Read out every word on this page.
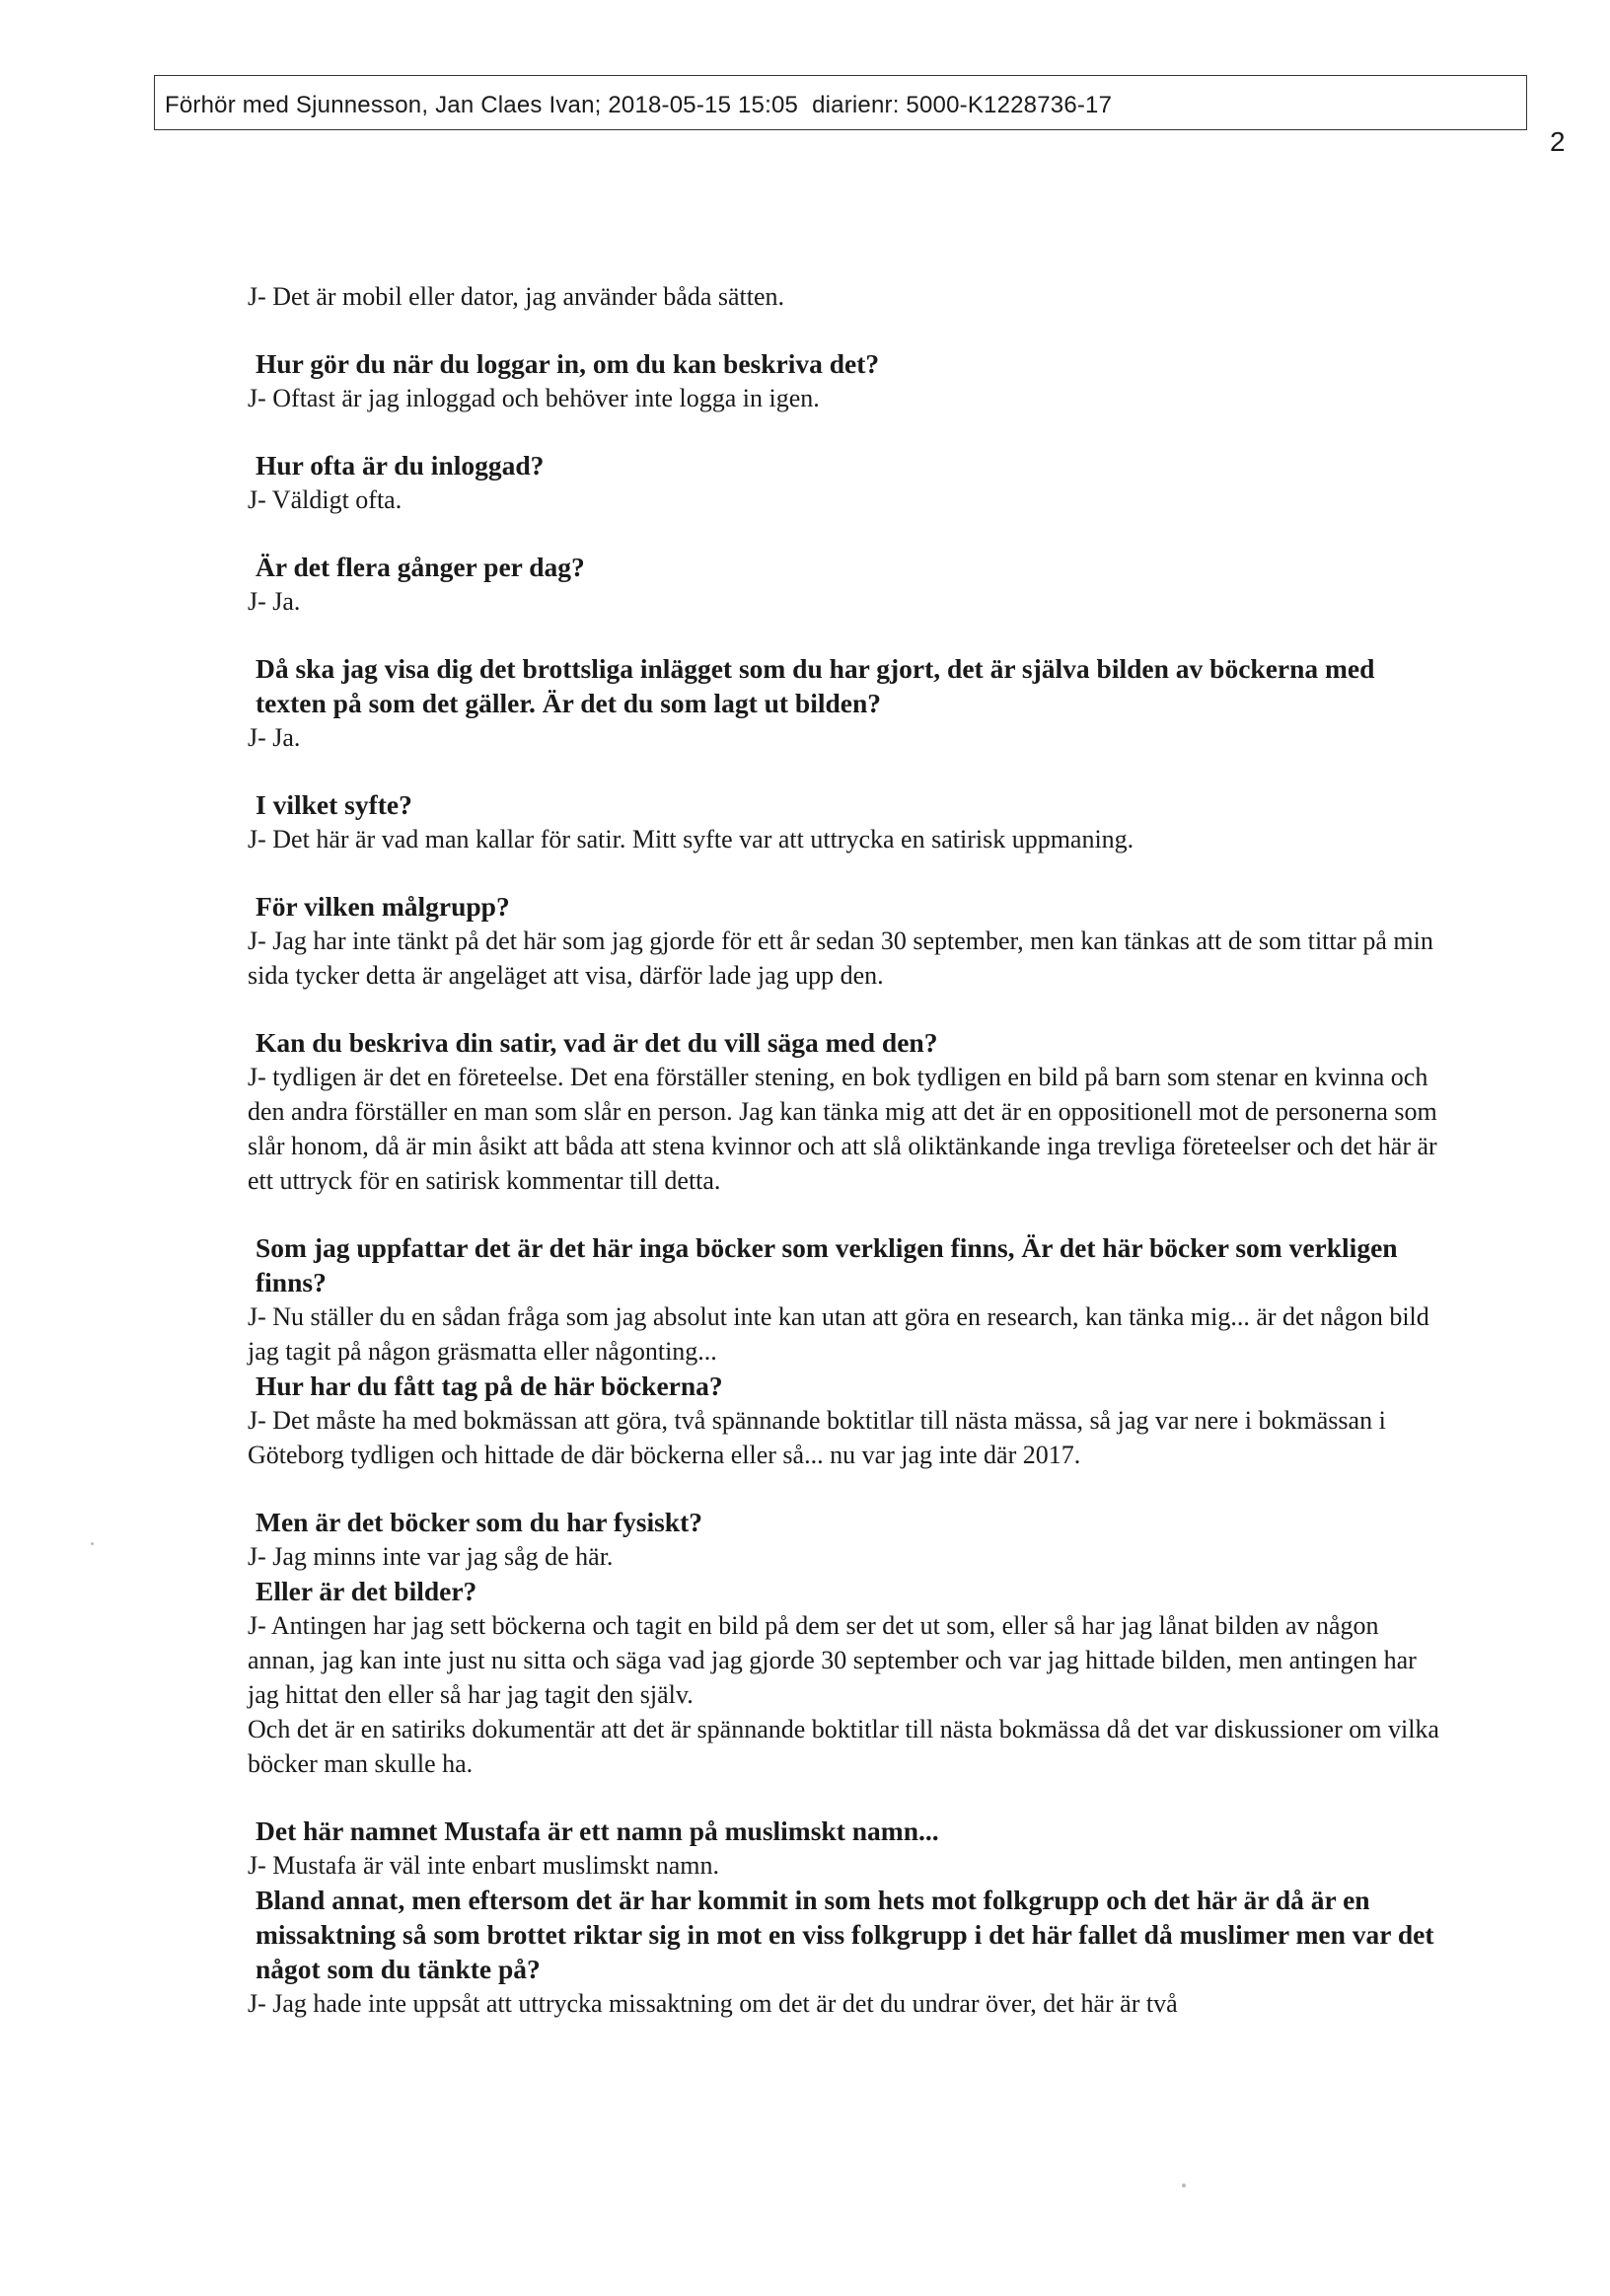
Förhör med Sjunnesson, Jan Claes Ivan; 2018-05-15 15:05 diarienr: 5000-K1228736-17
2

J- Det är mobil eller dator, jag använder båda sätten.

Hur gör du när du loggar in, om du kan beskriva det?

J- Oftast är jag inloggad och behöver inte logga in igen.

Hur ofta är du inloggad?

J- Väldigt ofta.

Är det flera gånger per dag?

J- Ja.

Då ska jag visa dig det brottsliga inlägget som du har gjort, det är själva bilden av böckerna med texten på som det gäller. Är det du som lagt ut bilden?

J- Ja.

I vilket syfte?

J- Det här är vad man kallar för satir. Mitt syfte var att uttrycka en satirisk uppmaning.

För vilken målgrupp?

J- Jag har inte tänkt på det här som jag gjorde för ett år sedan 30 september, men kan tänkas att de som tittar på min sida tycker detta är angeläget att visa, därför lade jag upp den.

Kan du beskriva din satir, vad är det du vill säga med den?

J- tydligen är det en företeelse. Det ena förställer stening, en bok tydligen en bild på barn som stenar en kvinna och den andra förställer en man som slår en person. Jag kan tänka mig att det är en oppositionell mot de personerna som slår honom, då är min åsikt att båda att stena kvinnor och att slå oliktänkande inga trevliga företeelser och det här är ett uttryck för en satirisk kommentar till detta.

Som jag uppfattar det är det här inga böcker som verkligen finns, Är det här böcker som verkligen finns?

J- Nu ställer du en sådan fråga som jag absolut inte kan utan att göra en research, kan tänka mig... är det någon bild jag tagit på någon gräsmatta eller någonting...

Hur har du fått tag på de här böckerna?

J- Det måste ha med bokmässan att göra, två spännande boktitlar till nästa mässa, så jag var nere i bokmässan i Göteborg tydligen och hittade de där böckerna eller så... nu var jag inte där 2017.

Men är det böcker som du har fysiskt?

J- Jag minns inte var jag såg de här.

Eller är det bilder?

J- Antingen har jag sett böckerna och tagit en bild på dem ser det ut som, eller så har jag lånat bilden av någon annan, jag kan inte just nu sitta och säga vad jag gjorde 30 september och var jag hittade bilden, men antingen har jag hittat den eller så har jag tagit den själv.

Och det är en satiriks dokumentär att det är spännande boktitlar till nästa bokmässa då det var diskussioner om vilka böcker man skulle ha.

Det här namnet Mustafa är ett namn på muslimskt namn...

J- Mustafa är väl inte enbart muslimskt namn.

Bland annat, men eftersom det är har kommit in som hets mot folkgrupp och det här är då är en missaktning så som brottet riktar sig in mot en viss folkgrupp i det här fallet då muslimer men var det något som du tänkte på?

J- Jag hade inte uppsåt att uttrycka missaktning om det är det du undrar över, det här är två
